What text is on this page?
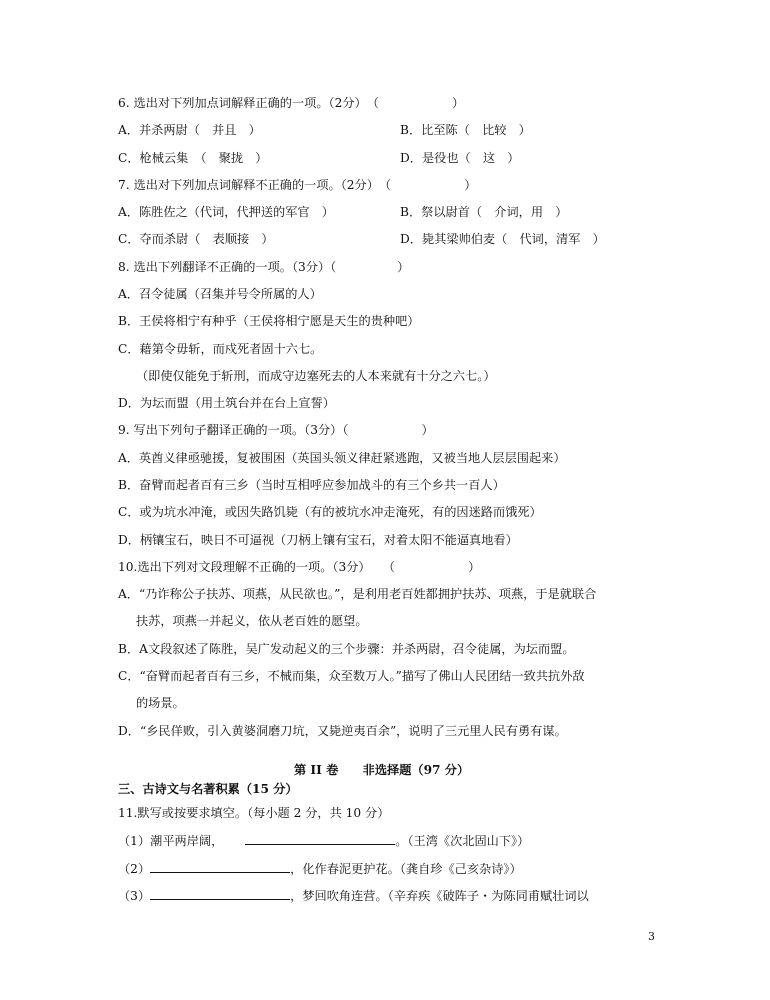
6. 选出对下列加点词解释正确的一项。（2分）　（　　　　　　）
A．并杀两尉（　并且　）	B．比至陈（　比较　）
C．枪械云集　（　聚拢　）	D．是役也（　这　）
7. 选出对下列加点词解释不正确的一项。（2分）　（　　　　　　）
A．陈胜佐之（代词，代押送的军官　）	B．祭以尉首（　介词，用　）
C．夺而杀尉（　表顺接　）	D．毙其梁帅伯麦（　代词，清军　）
8. 选出下列翻译不正确的一项。（3分）（　　　　　）
A．召令徒属（召集并号令所属的人）
B．王侯将相宁有种乎（王侯将相宁愿是天生的贵种吧）
C．藉第令毋斩，而戍死者固十六七。
（即使仅能免于斩刑，而成守边塞死去的人本来就有十分之六七。）
D．为坛而盟（用土筑台并在台上宣誓）
9. 写出下列句子翻译正确的一项。（3分）（　　　　　　）
A．英酋义律亟驰援，复被围困（英国头领义律赶紧逃跑，又被当地人层层围起来）
B．奋臂而起者百有三乡（当时互相呼应参加战斗的有三个乡共一百人）
C．或为坑水冲淹，或因失路饥毙（有的被坑水冲走淹死，有的因迷路而饿死）
D．柄镶宝石，映日不可逼视（刀柄上镶有宝石，对着太阳不能逼真地看）
10.选出下列对文段理解不正确的一项。（3分）　　（　　　　　　）
A．“乃诈称公子扶苏、项燕，从民欲也。”，是利用老百姓都拥护扶苏、项燕，于是就联合
扶苏，项燕一并起义，依从老百姓的愿望。
B．A文段叙述了陈胜，吴广发动起义的三个步骤：并杀两尉，召令徒属，为坛而盟。
C．“奋臂而起者百有三乡，不械而集，众至数万人。”描写了佛山人民团结一致共抗外敌
的场景。
D．“乡民佯败，引入黄婆洞磨刀坑，又毙逆夷百余”，说明了三元里人民有勇有谋。
第 II 卷　　非选择题（97 分）
三、古诗文与名著积累（15 分）
11.默写或按要求填空。（每小题 2 分，共 10 分）
（1）潮平两岸阔，	。（王湾《次北固山下》）
（2）	，化作春泥更护花。（龚自珍《己亥杂诗》）
（3）	，梦回吹角连营。（辛弃疾《破阵子・为陈同甫赋壮词以
3
